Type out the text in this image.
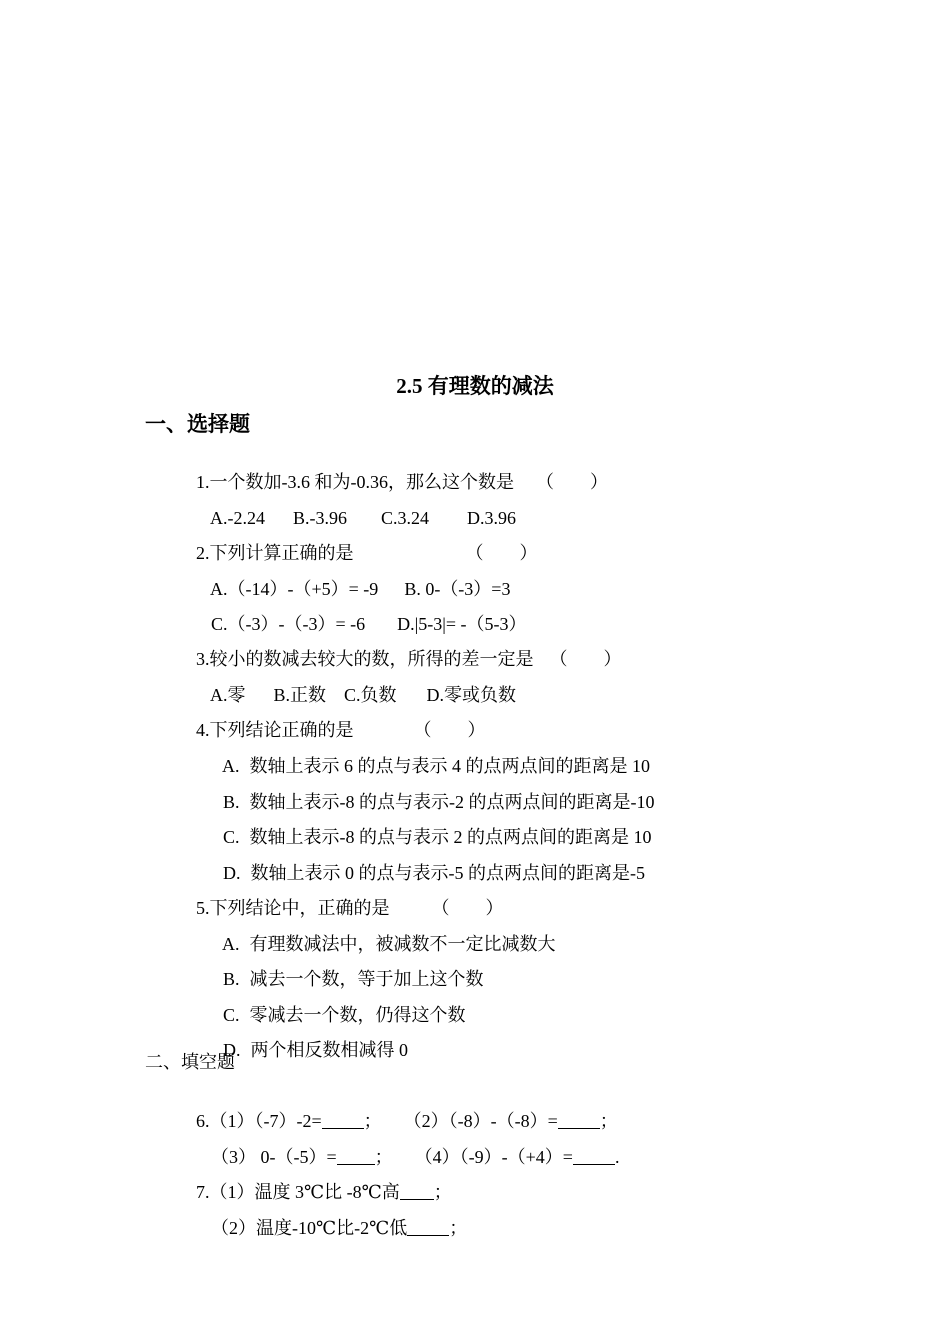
2.5 有理数的减法
一、选择题

1.一个数加-3.6 和为-0.36，那么这个数是 （　　）

A.-2.24 B.-3.96 C.3.24 D.3.96

2.下列计算正确的是	（　　）

A.（-14）-（+5）= -9 B. 0-（-3）=3

C.（-3）-（-3）= -6 D.|5-3|= -（5-3）

3.较小的数减去较大的数，所得的差一定是 （　　）

A.零 B.正数 C.负数 D.零或负数

4.下列结论正确的是	（　　）

A. 数轴上表示 6 的点与表示 4 的点两点间的距离是 10

B. 数轴上表示-8 的点与表示-2 的点两点间的距离是-10

C. 数轴上表示-8 的点与表示 2 的点两点间的距离是 10

D. 数轴上表示 0 的点与表示-5 的点两点间的距离是-5

5.下列结论中，正确的是 （　　）

A. 有理数减法中，被减数不一定比减数大

B. 减去一个数，等于加上这个数

C. 零减去一个数，仍得这个数

D. 两个相反数相减得 0

二、填空题

6.（1）（-7）-2= ； （2）（-8）-（-8）= ；

（3） 0-（-5）= ； （4）（-9）-（+4）= .

7.（1）温度 3℃比 -8℃高 ；

（2）温度-10℃比-2℃低 ；
